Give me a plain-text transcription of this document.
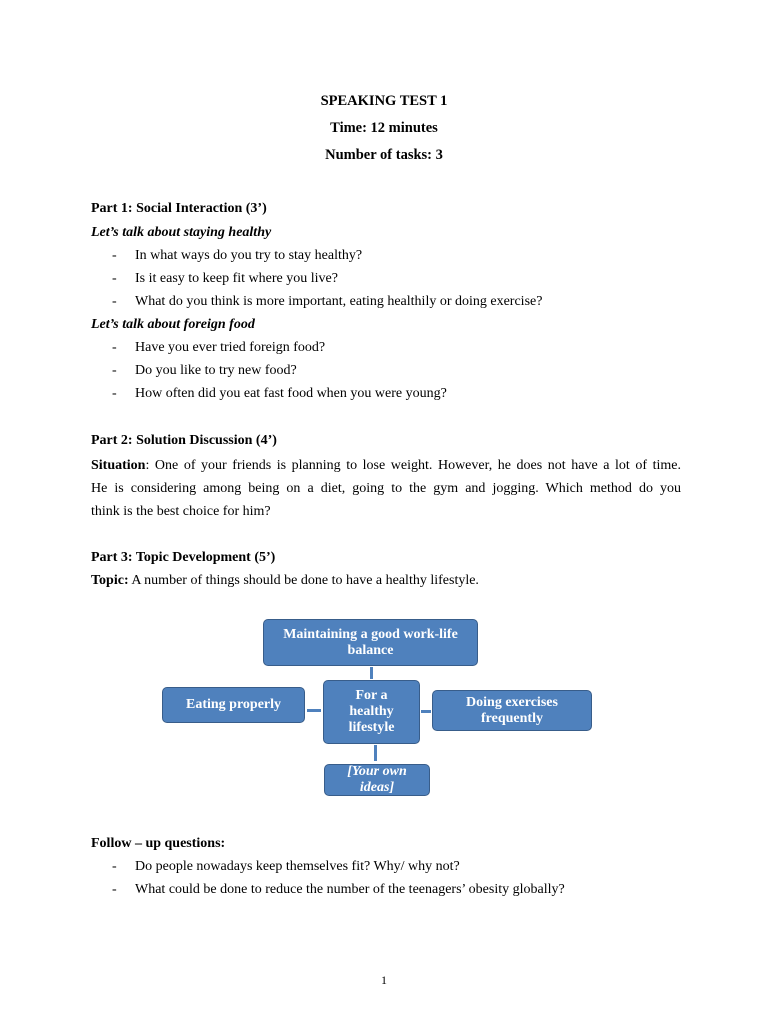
SPEAKING TEST 1
Time: 12 minutes
Number of tasks: 3
Part 1: Social Interaction (3’)
Let’s talk about staying healthy
- In what ways do you try to stay healthy?
- Is it easy to keep fit where you live?
- What do you think is more important, eating healthily or doing exercise?
Let’s talk about foreign food
- Have you ever tried foreign food?
- Do you like to try new food?
- How often did you eat fast food when you were young?
Part 2: Solution Discussion (4’)
Situation: One of your friends is planning to lose weight. However, he does not have a lot of time.
He is considering among being on a diet, going to the gym and jogging. Which method do you
think is the best choice for him?
Part 3: Topic Development (5’)
Topic: A number of things should be done to have a healthy lifestyle.
Maintaining a good work-life balance
Eating properly
For a healthy lifestyle
Doing exercises frequently
[Your own ideas]
Follow – up questions:
- Do people nowadays keep themselves fit? Why/ why not?
- What could be done to reduce the number of the teenagers’ obesity globally?
1
